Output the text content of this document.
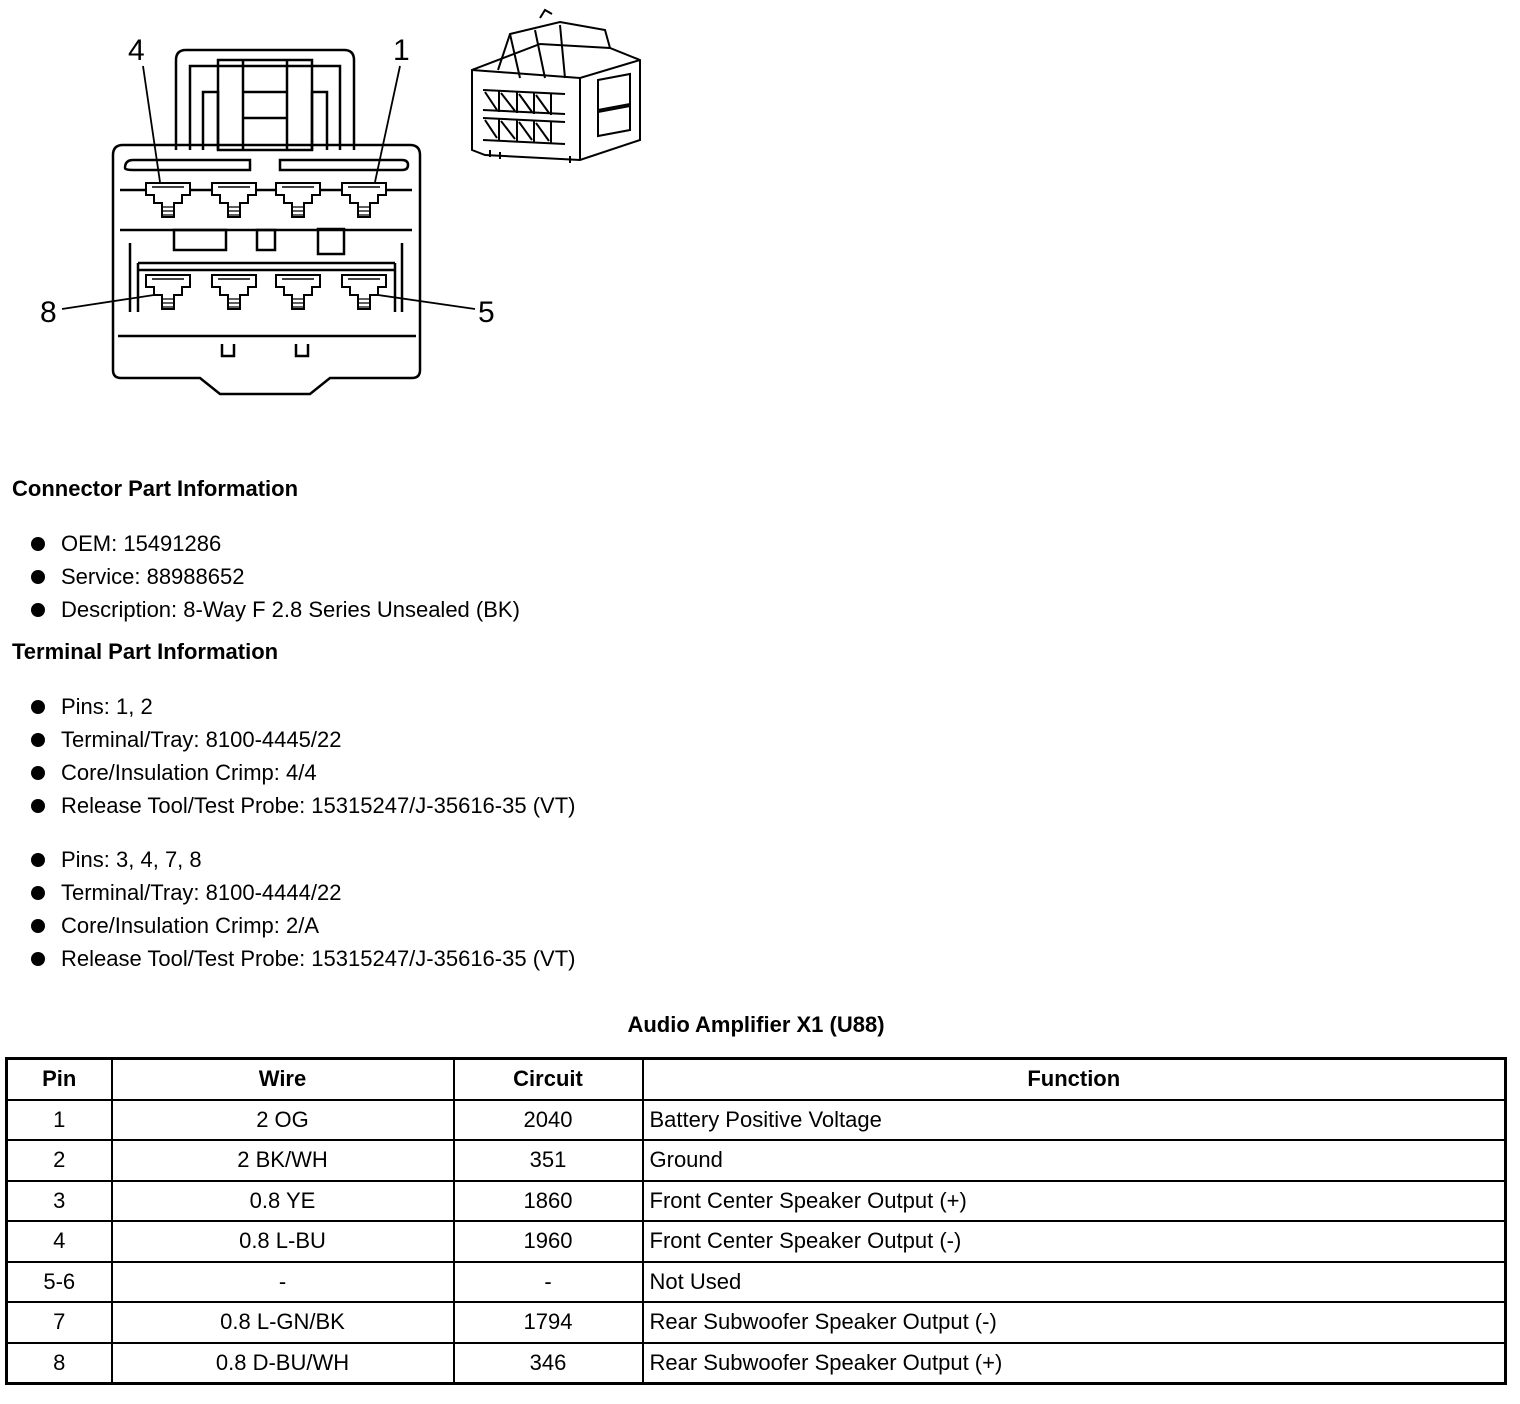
4	1
8	5
Connector Part Information
OEM: 15491286
Service: 88988652
Description: 8-Way F 2.8 Series Unsealed (BK)
Terminal Part Information
Pins: 1, 2
Terminal/Tray: 8100-4445/22
Core/Insulation Crimp: 4/4
Release Tool/Test Probe: 15315247/J-35616-35 (VT)
Pins: 3, 4, 7, 8
Terminal/Tray: 8100-4444/22
Core/Insulation Crimp: 2/A
Release Tool/Test Probe: 15315247/J-35616-35 (VT)
Audio Amplifier X1 (U88)
Pin	Wire	Circuit	Function
1	2 OG	2040	Battery Positive Voltage
2	2 BK/WH	351	Ground
3	0.8 YE	1860	Front Center Speaker Output (+)
4	0.8 L-BU	1960	Front Center Speaker Output (-)
5-6	-	-	Not Used
7	0.8 L-GN/BK	1794	Rear Subwoofer Speaker Output (-)
8	0.8 D-BU/WH	346	Rear Subwoofer Speaker Output (+)
